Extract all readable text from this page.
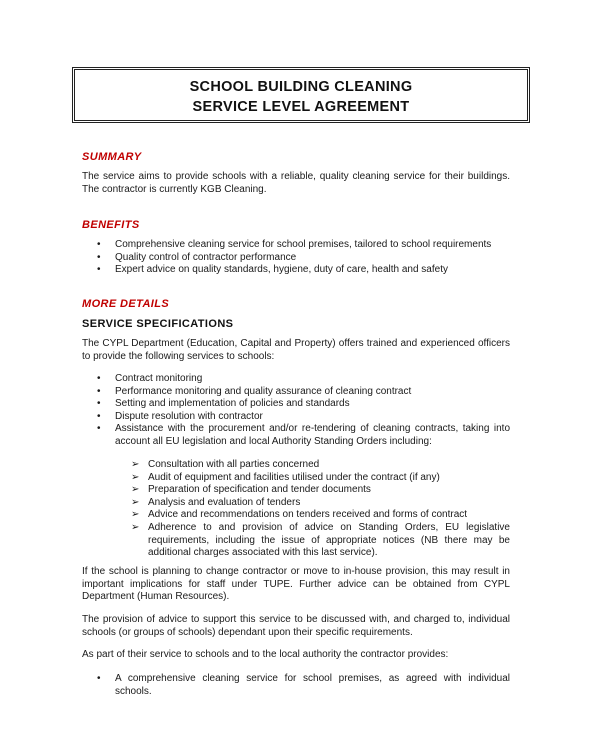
SCHOOL BUILDING CLEANING
SERVICE LEVEL AGREEMENT
SUMMARY
The service aims to provide schools with a reliable, quality cleaning service for their buildings. The contractor is currently KGB Cleaning.
BENEFITS
• Comprehensive cleaning service for school premises, tailored to school requirements
• Quality control of contractor performance
• Expert advice on quality standards, hygiene, duty of care, health and safety
MORE DETAILS
SERVICE SPECIFICATIONS
The CYPL Department (Education, Capital and Property) offers trained and experienced officers to provide the following services to schools:
• Contract monitoring
• Performance monitoring and quality assurance of cleaning contract
• Setting and implementation of policies and standards
• Dispute resolution with contractor
• Assistance with the procurement and/or re-tendering of cleaning contracts, taking into account all EU legislation and local Authority Standing Orders including:
➢ Consultation with all parties concerned
➢ Audit of equipment and facilities utilised under the contract (if any)
➢ Preparation of specification and tender documents
➢ Analysis and evaluation of tenders
➢ Advice and recommendations on tenders received and forms of contract
➢ Adherence to and provision of advice on Standing Orders, EU legislative requirements, including the issue of appropriate notices (NB there may be additional charges associated with this last service).
If the school is planning to change contractor or move to in-house provision, this may result in important implications for staff under TUPE. Further advice can be obtained from CYPL Department (Human Resources).
The provision of advice to support this service to be discussed with, and charged to, individual schools (or groups of schools) dependant upon their specific requirements.
As part of their service to schools and to the local authority the contractor provides:
• A comprehensive cleaning service for school premises, as agreed with individual schools.
